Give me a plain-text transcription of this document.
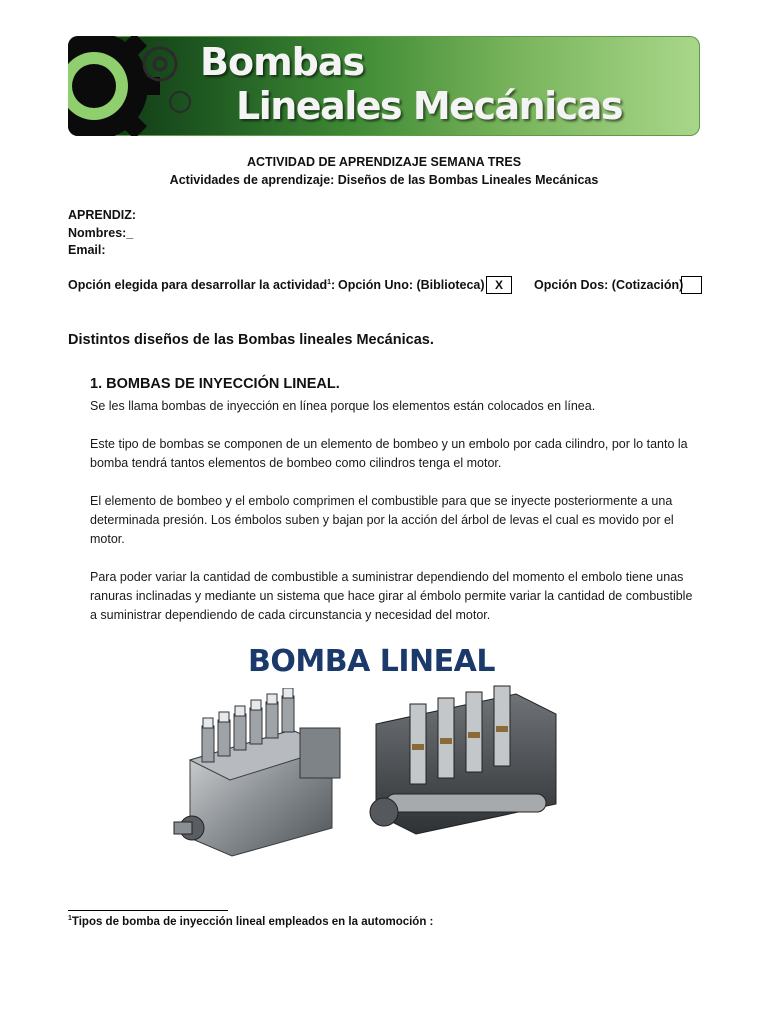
Bombas
Lineales Mecánicas
ACTIVIDAD DE APRENDIZAJE SEMANA TRES
Actividades de aprendizaje: Diseños de las Bombas Lineales Mecánicas
APRENDIZ:
Nombres:_
Email:
Opción elegida para desarrollar la actividad$^1$: Opción Uno: (Biblioteca) X	Opción Dos: (Cotización)
Distintos diseños de las Bombas lineales Mecánicas.
1. BOMBAS DE INYECCIÓN LINEAL.
Se les llama bombas de inyección en línea porque los elementos están colocados en línea.
Este tipo de bombas se componen de un elemento de bombeo y un embolo por cada cilindro, por lo tanto la bomba tendrá tantos elementos de bombeo como cilindros tenga el motor.
El elemento de bombeo y el embolo comprimen el combustible para que se inyecte posteriormente a una determinada presión. Los émbolos suben y bajan por la acción del árbol de levas el cual es movido por el motor.
Para poder variar la cantidad de combustible a suministrar dependiendo del momento el embolo tiene unas ranuras inclinadas y mediante un sistema que hace girar al émbolo permite variar la cantidad de combustible a suministrar dependiendo de cada circunstancia y necesidad del motor.
BOMBA LINEAL
$^1$Tipos de bomba de inyección lineal empleados en la automoción :
